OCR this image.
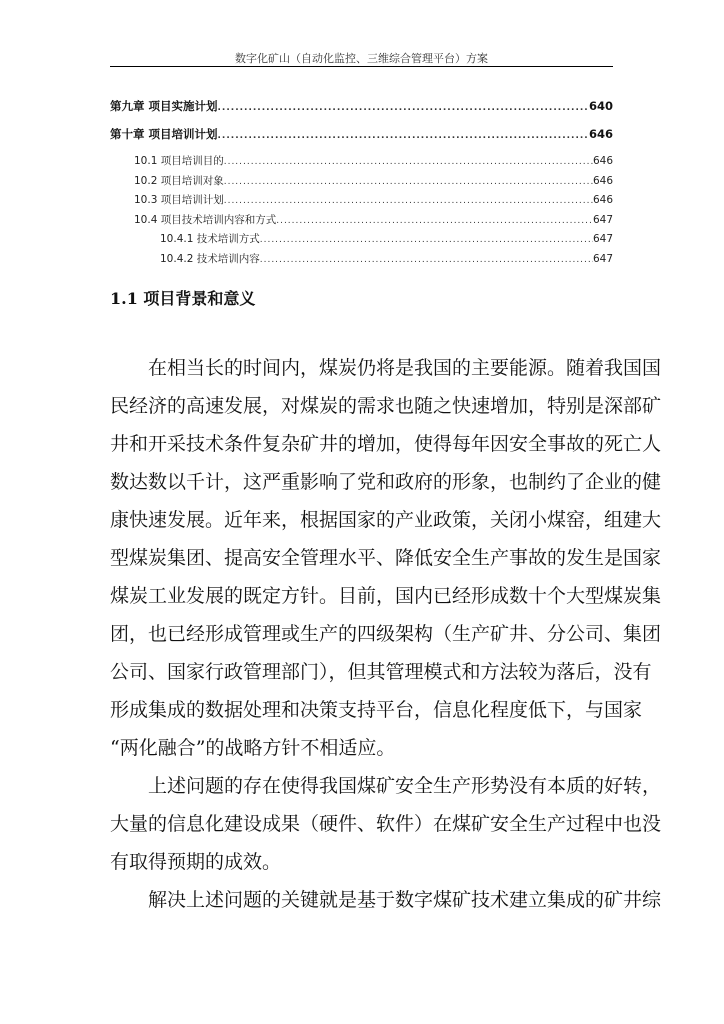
数字化矿山（自动化监控、三维综合管理平台）方案
第九章 项目实施计划 .....	640
第十章 项目培训计划 .....	646
10.1 项目培训目的 .....	646
10.2 项目培训对象 .....	646
10.3 项目培训计划 .....	646
10.4 项目技术培训内容和方式 .....	647
10.4.1 技术培训方式 .....	647
10.4.2 技术培训内容 .....	647
1.1 项目背景和意义
在相当长的时间内，煤炭仍将是我国的主要能源。随着我国国
民经济的高速发展，对煤炭的需求也随之快速增加，特别是深部矿
井和开采技术条件复杂矿井的增加，使得每年因安全事故的死亡人
数达数以千计，这严重影响了党和政府的形象，也制约了企业的健
康快速发展。近年来，根据国家的产业政策，关闭小煤窑，组建大
型煤炭集团、提高安全管理水平、降低安全生产事故的发生是国家
煤炭工业发展的既定方针。目前，国内已经形成数十个大型煤炭集
团，也已经形成管理或生产的四级架构（生产矿井、分公司、集团
公司、国家行政管理部门），但其管理模式和方法较为落后，没有
形成集成的数据处理和决策支持平台，信息化程度低下，与国家
“两化融合”的战略方针不相适应。
上述问题的存在使得我国煤矿安全生产形势没有本质的好转，
大量的信息化建设成果（硬件、软件）在煤矿安全生产过程中也没
有取得预期的成效。
解决上述问题的关键就是基于数字煤矿技术建立集成的矿井综
